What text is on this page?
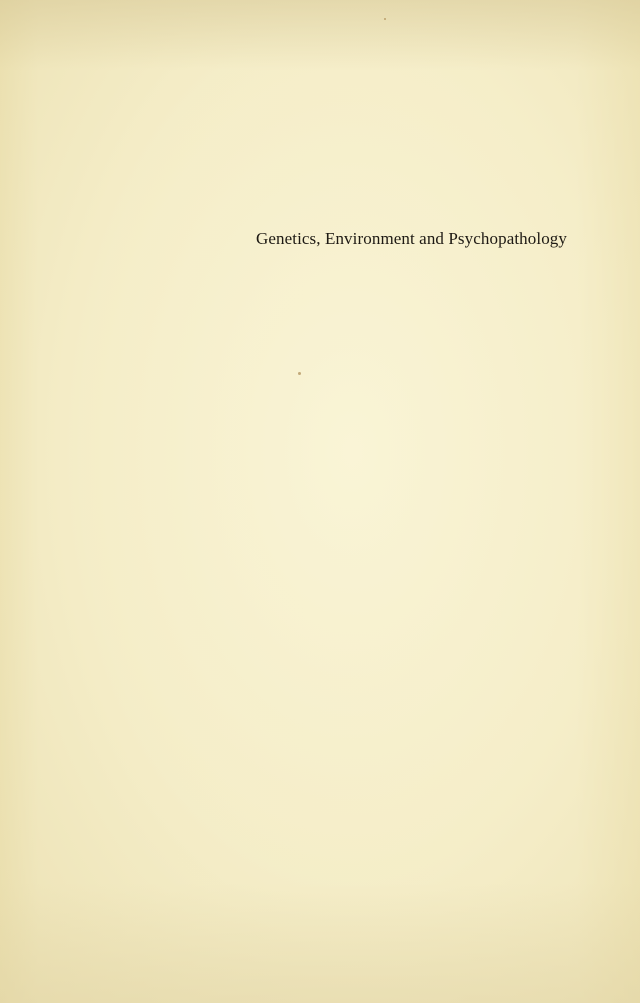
Genetics, Environment and Psychopathology
